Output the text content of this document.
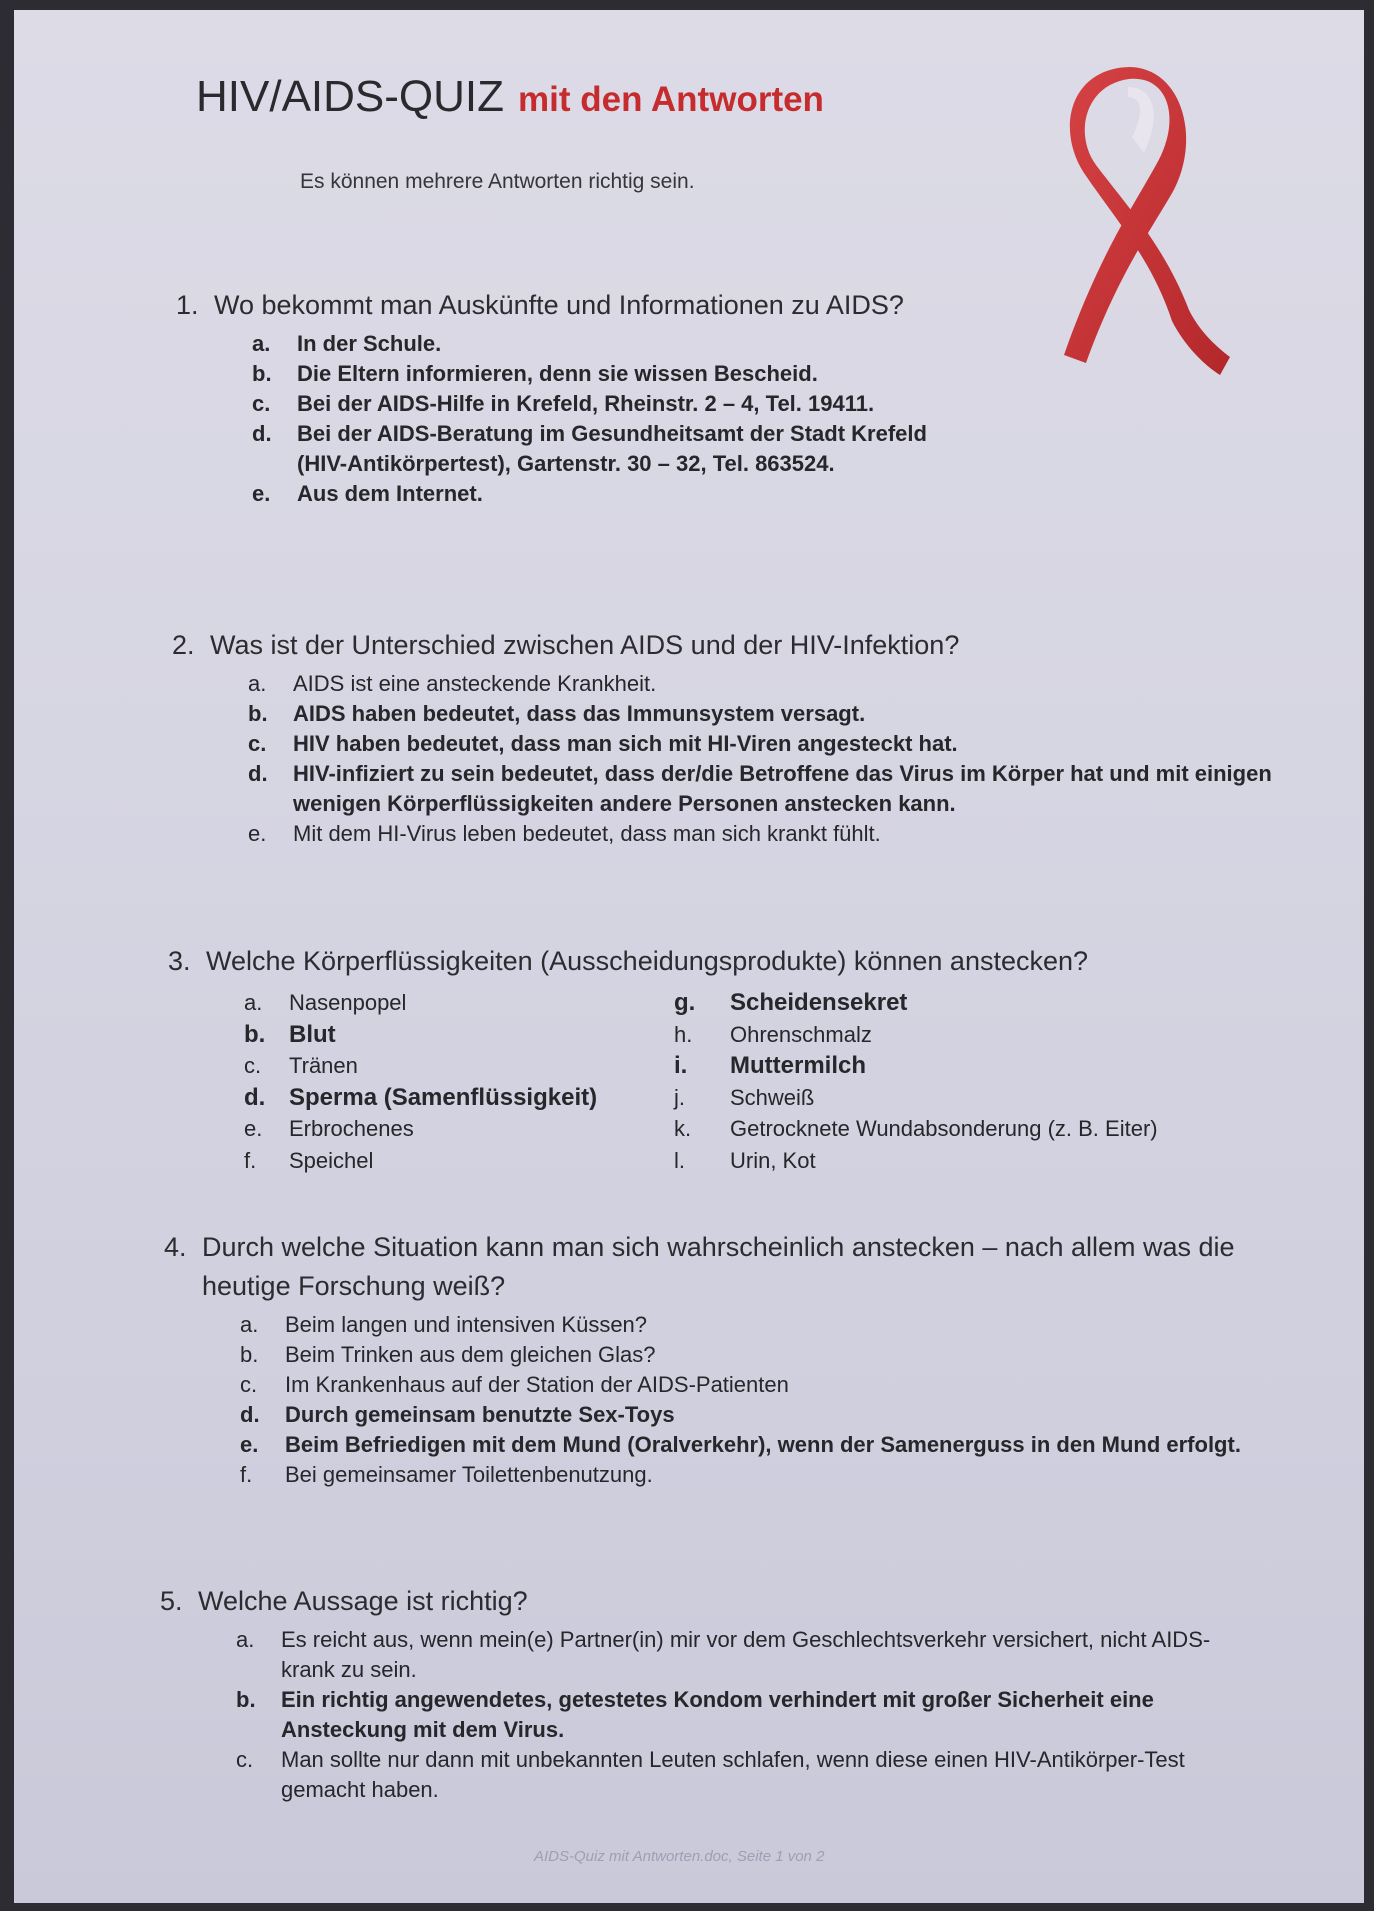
HIV/AIDS-QUIZ mit den Antworten
Es können mehrere Antworten richtig sein.
1. Wo bekommt man Auskünfte und Informationen zu AIDS?
a.	In der Schule.
b.	Die Eltern informieren, denn sie wissen Bescheid.
c.	Bei der AIDS-Hilfe in Krefeld, Rheinstr. 2 – 4, Tel. 19411.
d.	Bei der AIDS-Beratung im Gesundheitsamt der Stadt Krefeld (HIV-Antikörpertest), Gartenstr. 30 – 32, Tel. 863524.
e.	Aus dem Internet.
2. Was ist der Unterschied zwischen AIDS und der HIV-Infektion?
a.	AIDS ist eine ansteckende Krankheit.
b.	AIDS haben bedeutet, dass das Immunsystem versagt.
c.	HIV haben bedeutet, dass man sich mit HI-Viren angesteckt hat.
d.	HIV-infiziert zu sein bedeutet, dass der/die Betroffene das Virus im Körper hat und mit einigen wenigen Körperflüssigkeiten andere Personen anstecken kann.
e.	Mit dem HI-Virus leben bedeutet, dass man sich krankt fühlt.
3. Welche Körperflüssigkeiten (Ausscheidungsprodukte) können anstecken?
a.	Nasenpopel
b. Blut
c.	Tränen
d. Sperma (Samenflüssigkeit)
e.	Erbrochenes
f.	Speichel
g.	Scheidensekret
h.	Ohrenschmalz
i.	Muttermilch
j.	Schweiß
k.	Getrocknete Wundabsonderung (z. B. Eiter)
l.	Urin, Kot
4. Durch welche Situation kann man sich wahrscheinlich anstecken – nach allem was die heutige Forschung weiß?
a.	Beim langen und intensiven Küssen?
b.	Beim Trinken aus dem gleichen Glas?
c.	Im Krankenhaus auf der Station der AIDS-Patienten
d.	Durch gemeinsam benutzte Sex-Toys
e.	Beim Befriedigen mit dem Mund (Oralverkehr), wenn der Samenerguss in den Mund erfolgt.
f.	Bei gemeinsamer Toilettenbenutzung.
5. Welche Aussage ist richtig?
a.	Es reicht aus, wenn mein(e) Partner(in) mir vor dem Geschlechtsverkehr versichert, nicht AIDS-krank zu sein.
b.	Ein richtig angewendetes, getestetes Kondom verhindert mit großer Sicherheit eine Ansteckung mit dem Virus.
c.	Man sollte nur dann mit unbekannten Leuten schlafen, wenn diese einen HIV-Antikörper-Test gemacht haben.
AIDS-Quiz mit Antworten.doc, Seite 1 von 2
